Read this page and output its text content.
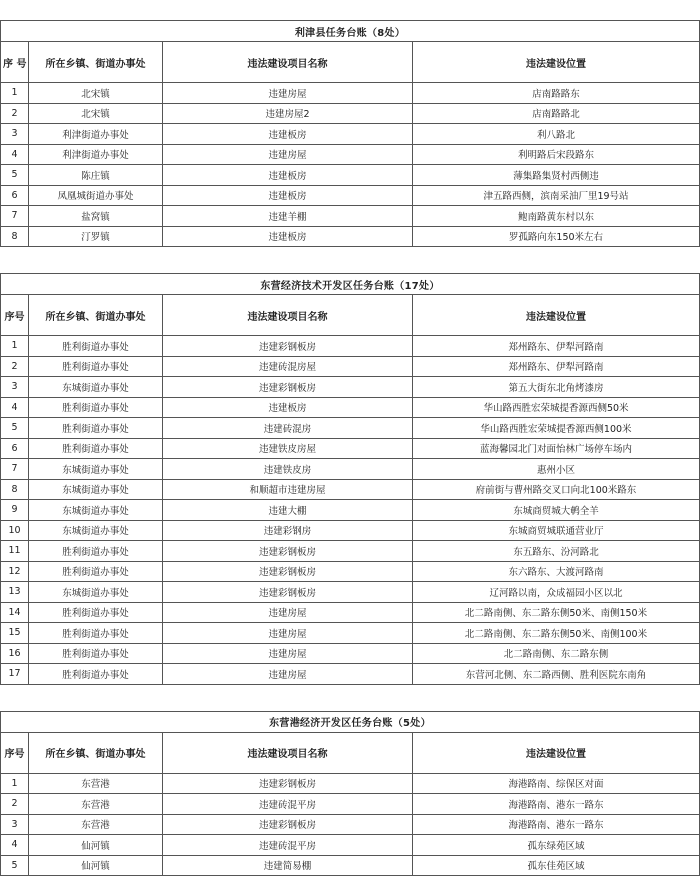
利津县任务台账（8处）			
序 号	所在乡镇、街道办事处	违法建设项目名称	违法建设位置
1	北宋镇	违建房屋	店南路路东
2	北宋镇	违建房屋2	店南路路北
3	利津街道办事处	违建板房	利八路北
4	利津街道办事处	违建房屋	利明路后宋段路东
5	陈庄镇	违建板房	薄集路集贤村西侧违
6	凤凰城街道办事处	违建板房	津五路西侧，滨南采油厂里19号站
7	盐窝镇	违建羊棚	鲍南路黄东村以东
8	汀罗镇	违建板房	罗孤路向东150米左右
东营经济技术开发区任务台账（17处）			
序号	所在乡镇、街道办事处	违法建设项目名称	违法建设位置
1	胜利街道办事处	违建彩钢板房	郑州路东、伊犁河路南
2	胜利街道办事处	违建砖混房屋	郑州路东、伊犁河路南
3	东城街道办事处	违建彩钢板房	第五大街东北角烤漆房
4	胜利街道办事处	违建板房	华山路西胜宏荣城提香源西侧50米
5	胜利街道办事处	违建砖混房	华山路西胜宏荣城提香源西侧100米
6	胜利街道办事处	违建铁皮房屋	蓝海馨园北门对面怡林广场停车场内
7	东城街道办事处	违建铁皮房	惠州小区
8	东城街道办事处	和顺超市违建房屋	府前街与曹州路交叉口向北100米路东
9	东城街道办事处	违建大棚	东城商贸城大鹌全羊
10	东城街道办事处	违建彩钢房	东城商贸城联通营业厅
11	胜利街道办事处	违建彩钢板房	东五路东、汾河路北
12	胜利街道办事处	违建彩钢板房	东六路东、大渡河路南
13	东城街道办事处	违建彩钢板房	辽河路以南，众成福园小区以北
14	胜利街道办事处	违建房屋	北二路南侧、东二路东侧50米、南侧150米
15	胜利街道办事处	违建房屋	北二路南侧、东二路东侧50米、南侧100米
16	胜利街道办事处	违建房屋	北二路南侧、东二路东侧
17	胜利街道办事处	违建房屋	东营河北侧、东二路西侧、胜利医院东南角
东营港经济开发区任务台账（5处）			
序号	所在乡镇、街道办事处	违法建设项目名称	违法建设位置
1	东营港	违建彩钢板房	海港路南、综保区对面
2	东营港	违建砖混平房	海港路南、港东一路东
3	东营港	违建彩钢板房	海港路南、港东一路东
4	仙河镇	违建砖混平房	孤东绿苑区域
5	仙河镇	违建简易棚	孤东佳苑区域
